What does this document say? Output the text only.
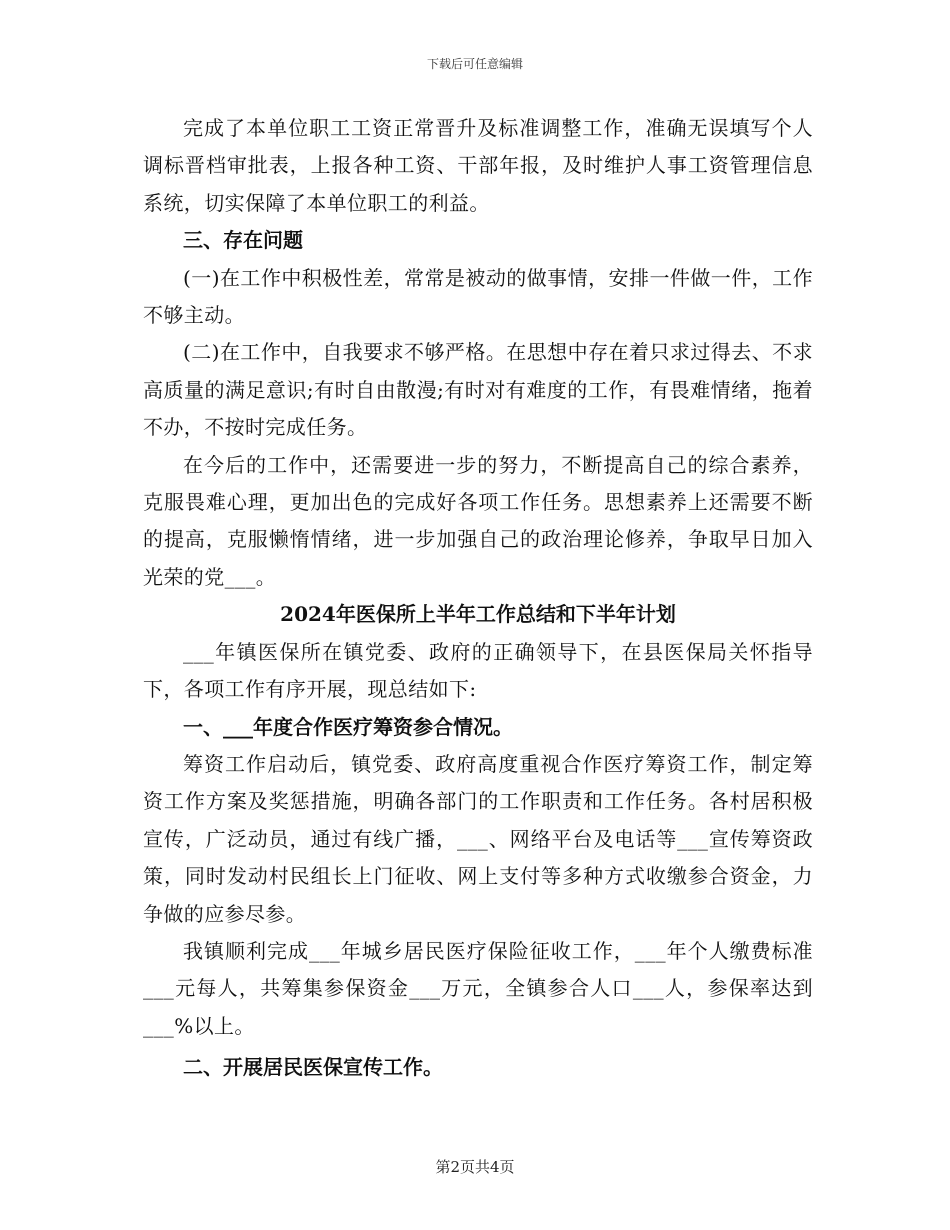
下载后可任意编辑

完成了本单位职工工资正常晋升及标准调整工作，准确无误填写个人调标晋档审批表，上报各种工资、干部年报，及时维护人事工资管理信息系统，切实保障了本单位职工的利益。

三、存在问题

(一)在工作中积极性差，常常是被动的做事情，安排一件做一件，工作不够主动。

(二)在工作中，自我要求不够严格。在思想中存在着只求过得去、不求高质量的满足意识;有时自由散漫;有时对有难度的工作，有畏难情绪，拖着不办，不按时完成任务。

在今后的工作中，还需要进一步的努力，不断提高自己的综合素养，克服畏难心理，更加出色的完成好各项工作任务。思想素养上还需要不断的提高，克服懒惰情绪，进一步加强自己的政治理论修养，争取早日加入光荣的党___。

2024年医保所上半年工作总结和下半年计划

___年镇医保所在镇党委、政府的正确领导下，在县医保局关怀指导下，各项工作有序开展，现总结如下:

一、___年度合作医疗筹资参合情况。

筹资工作启动后，镇党委、政府高度重视合作医疗筹资工作，制定筹资工作方案及奖惩措施，明确各部门的工作职责和工作任务。各村居积极宣传，广泛动员，通过有线广播，___、网络平台及电话等___宣传筹资政策，同时发动村民组长上门征收、网上支付等多种方式收缴参合资金，力争做的应参尽参。

我镇顺利完成___年城乡居民医疗保险征收工作，___年个人缴费标准___元每人，共筹集参保资金___万元，全镇参合人口___人，参保率达到___%以上。

二、开展居民医保宣传工作。

第2页共4页
